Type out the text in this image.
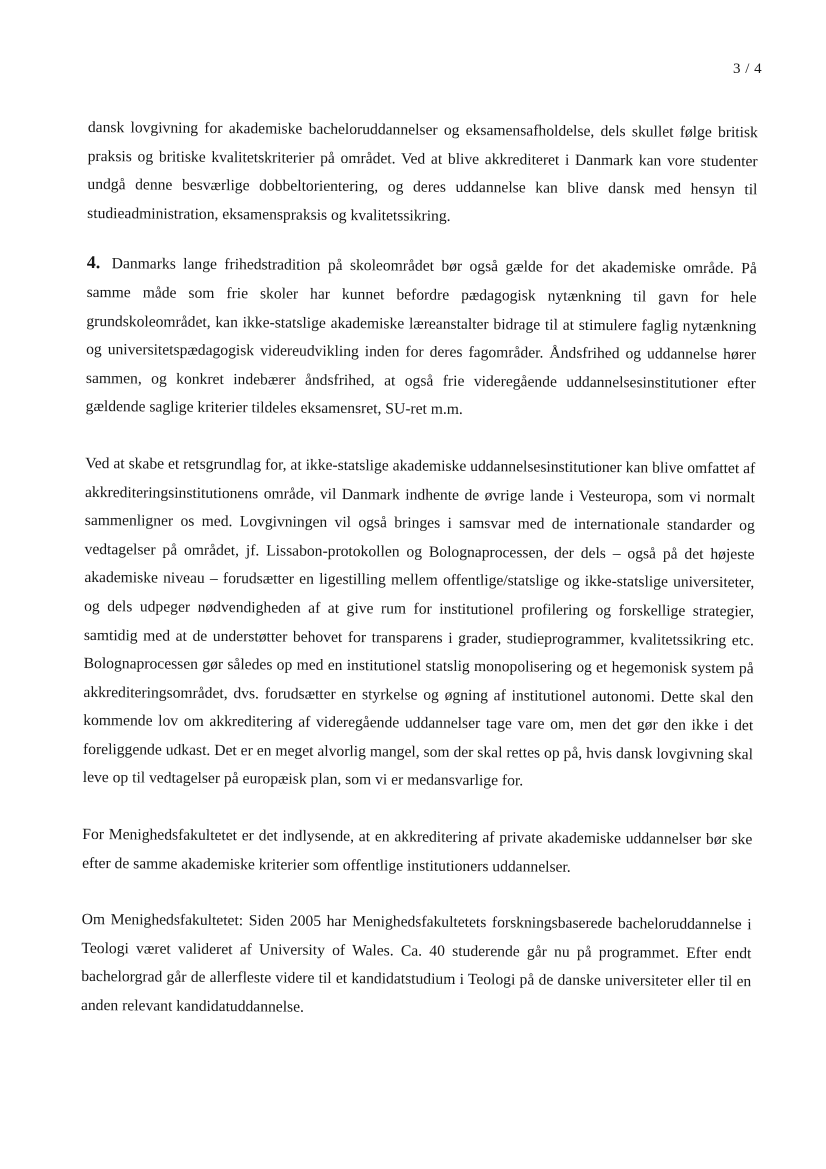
3 / 4

dansk lovgivning for akademiske bacheloruddannelser og eksamensafholdelse, dels skullet følge britisk praksis og britiske kvalitetskriterier på området. Ved at blive akkrediteret i Danmark kan vore studenter undgå denne besværlige dobbeltorientering, og deres uddannelse kan blive dansk med hensyn til studieadministration, eksamenspraksis og kvalitetssikring.

4. Danmarks lange frihedstradition på skoleområdet bør også gælde for det akademiske område. På samme måde som frie skoler har kunnet befordre pædagogisk nytænkning til gavn for hele grundskoleområdet, kan ikke-statslige akademiske læreanstalter bidrage til at stimulere faglig nytænkning og universitetspædagogisk videreudvikling inden for deres fagområder. Åndsfrihed og uddannelse hører sammen, og konkret indebærer åndsfrihed, at også frie videregående uddannelsesinstitutioner efter gældende saglige kriterier tildeles eksamensret, SU-ret m.m.

Ved at skabe et retsgrundlag for, at ikke-statslige akademiske uddannelsesinstitutioner kan blive omfattet af akkrediteringsinstitutionens område, vil Danmark indhente de øvrige lande i Vesteuropa, som vi normalt sammenligner os med. Lovgivningen vil også bringes i samsvar med de internationale standarder og vedtagelser på området, jf. Lissabon-protokollen og Bolognaprocessen, der dels – også på det højeste akademiske niveau – forudsætter en ligestilling mellem offentlige/statslige og ikke-statslige universiteter, og dels udpeger nødvendigheden af at give rum for institutionel profilering og forskellige strategier, samtidig med at de understøtter behovet for transparens i grader, studieprogrammer, kvalitetssikring etc. Bolognaprocessen gør således op med en institutionel statslig monopolisering og et hegemonisk system på akkrediteringsområdet, dvs. forudsætter en styrkelse og øgning af institutionel autonomi. Dette skal den kommende lov om akkreditering af videregående uddannelser tage vare om, men det gør den ikke i det foreliggende udkast. Det er en meget alvorlig mangel, som der skal rettes op på, hvis dansk lovgivning skal leve op til vedtagelser på europæisk plan, som vi er medansvarlige for.

For Menighedsfakultetet er det indlysende, at en akkreditering af private akademiske uddannelser bør ske efter de samme akademiske kriterier som offentlige institutioners uddannelser.

Om Menighedsfakultetet: Siden 2005 har Menighedsfakultetets forskningsbaserede bacheloruddannelse i Teologi været valideret af University of Wales. Ca. 40 studerende går nu på programmet. Efter endt bachelorgrad går de allerfleste videre til et kandidatstudium i Teologi på de danske universiteter eller til en anden relevant kandidatuddannelse.
